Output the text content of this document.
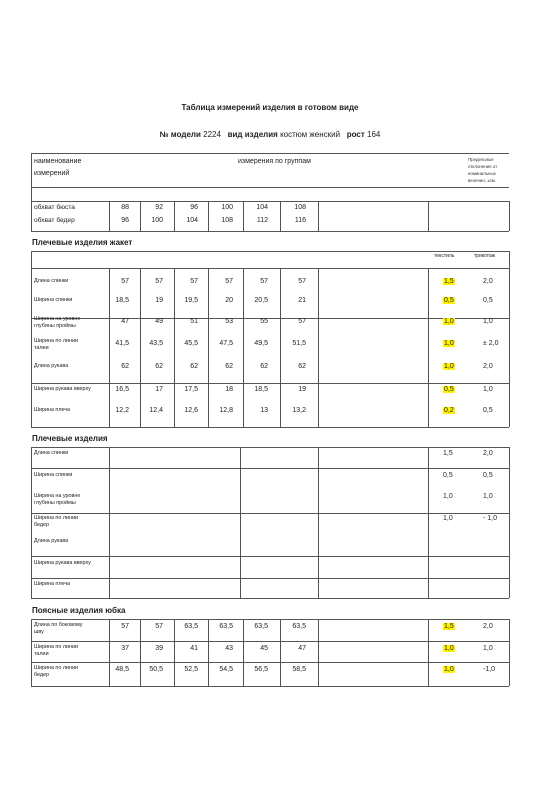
Таблица измерений изделия в готовом виде
№ модели 2224 вид изделия костюм женский рост 164
наименование
измерений
измерения по группам	Предельные
отклонения от
номинальных
величин, ±см.
обхват бюста	88	92	96	100	104	108
обхват бедер	96	100	104	108	112	116
Плечевые изделия жакет
текстиль	трикотаж
Длина спинки	57	57	57	57	57	57	1,5	2,0
Ширина спинки	18,5	19	19,5	20	20,5	21	0,5	0,5
Ширина на уровне
глубины проймы
47	49	51	53	55	57	1,0	1,0
Ширина по линии
талии
41,5	43,5	45,5	47,5	49,5	51,5	1,0	± 2,0
Длина рукава	62	62	62	62	62	62	1,0	2,0
Ширина рукава вверху	16,5	17	17,5	18	18,5	19	0,5	1,0
Ширина плеча	12,2	12,4	12,6	12,8	13	13,2	0,2	0,5
Плечевые изделия
Длина спинки	1,5	2,0
Ширина спинки	0,5	0,5
Ширина на уровне
глубины проймы
1,0	1,0
Ширина по линии
бедер
1,0	- 1,0
Длина рукава
Ширина рукава вверху
Ширина плеча
Поясные изделия юбка
Длина по боковому
шву
57	57	63,5	63,5	63,5	63,5	1,5	2,0
Ширина по линии
талии
37	39	41	43	45	47	1,0	1,0
Ширина по линии
бедер
48,5	50,5	52,5	54,5	56,5	58,5	1,0	-1,0
